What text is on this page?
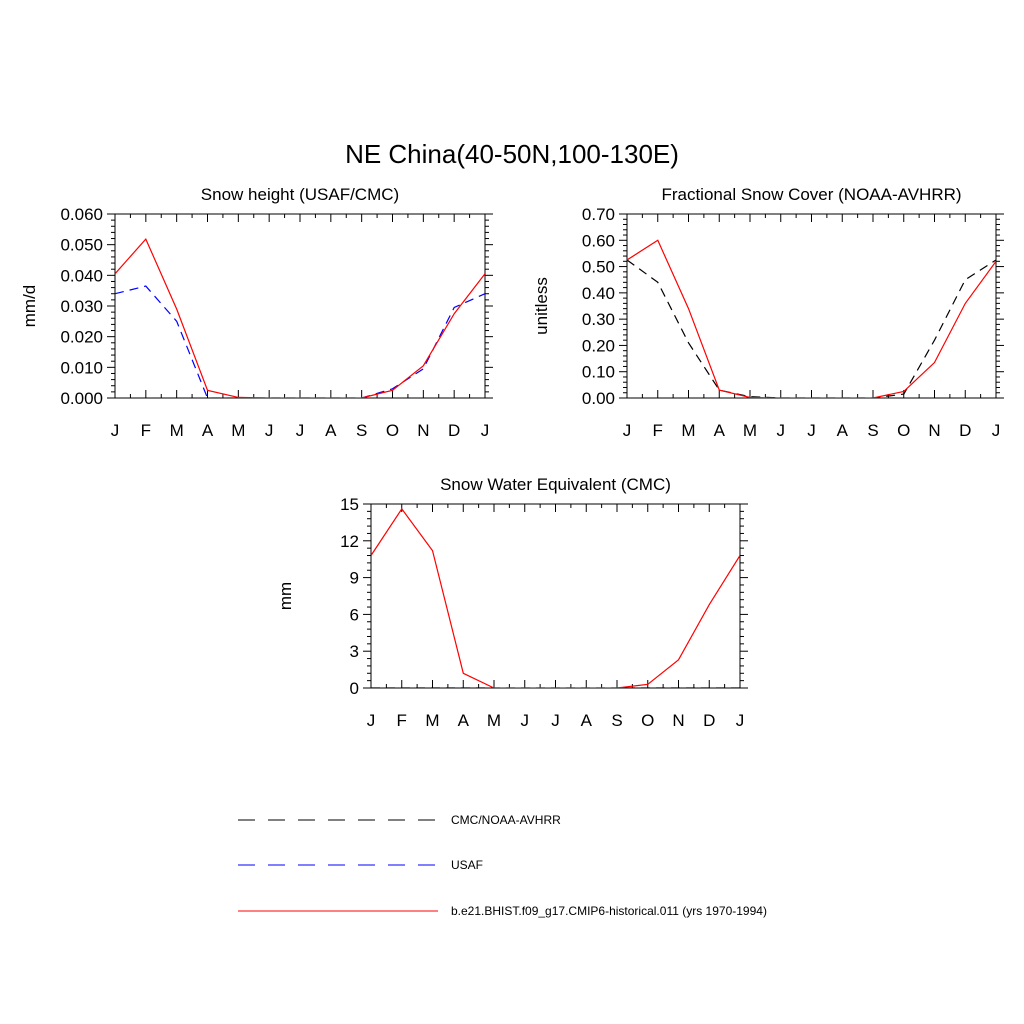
NE China(40-50N,100-130E)
Snow height (USAF/CMC)
mm/d
J F M A M J J A S O N D J
0.000
0.010
0.020
0.030
0.040
0.050
0.060
Fractional Snow Cover (NOAA-AVHRR)
unitless
J F M A M J J A S O N D J
0.00
0.10
0.20
0.30
0.40
0.50
0.60
0.70
Snow Water Equivalent (CMC)
mm
J F M A M J J A S O N D J
0
3
6
9
12
15
CMC/NOAA-AVHRR
USAF
b.e21.BHIST.f09_g17.CMIP6-historical.011 (yrs 1970-1994)
